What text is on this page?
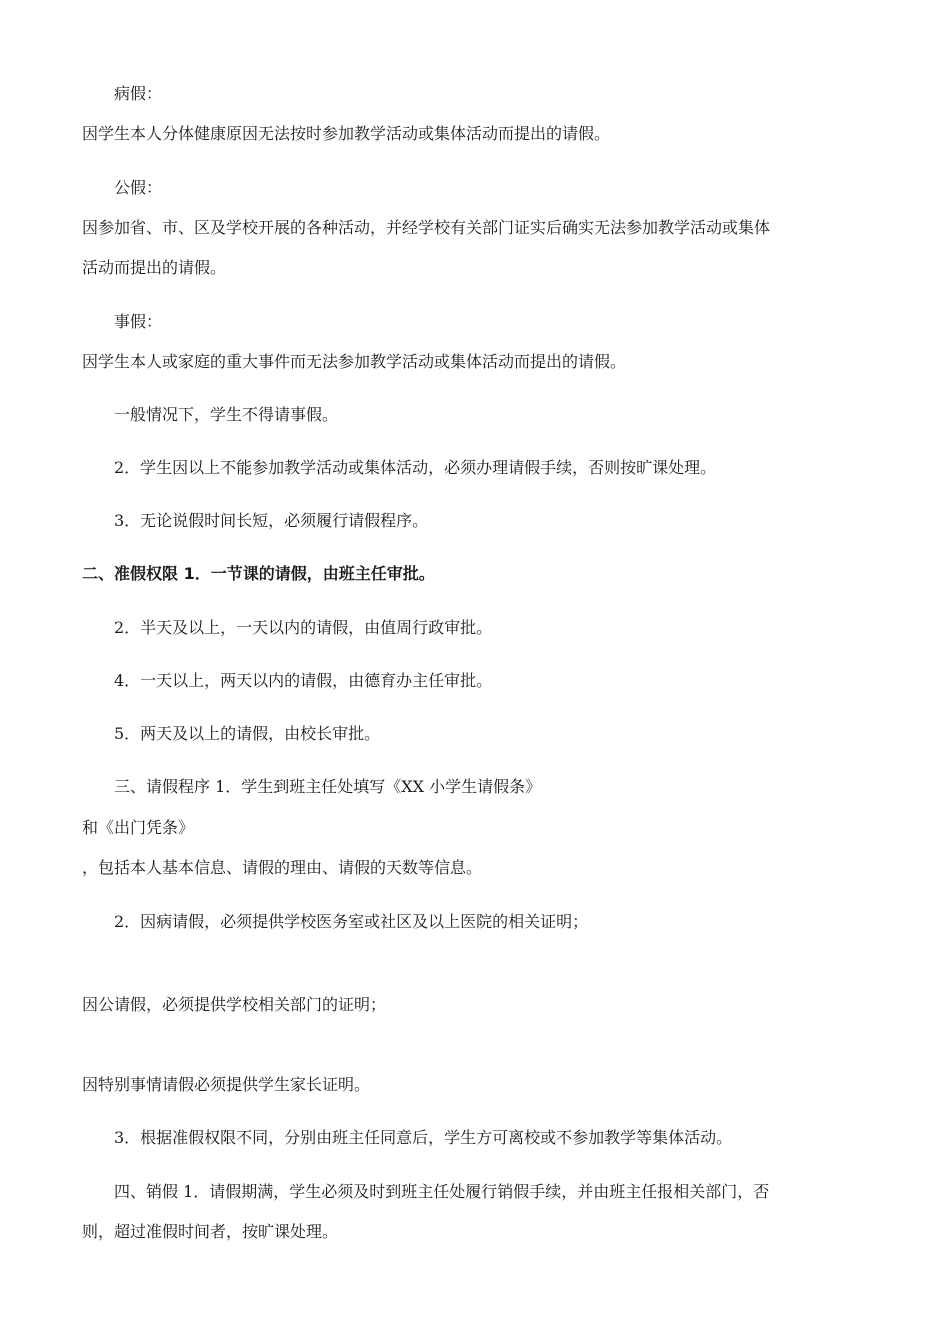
病假：
因学生本人分体健康原因无法按时参加教学活动或集体活动而提出的请假。
公假：
因参加省、市、区及学校开展的各种活动，并经学校有关部门证实后确实无法参加教学活动或集体
活动而提出的请假。
事假：
因学生本人或家庭的重大事件而无法参加教学活动或集体活动而提出的请假。
一般情况下，学生不得请事假。
2．学生因以上不能参加教学活动或集体活动，必须办理请假手续，否则按旷课处理。
3．无论说假时间长短，必须履行请假程序。
二、准假权限 1．一节课的请假，由班主任审批。
2．半天及以上，一天以内的请假，由值周行政审批。
4．一天以上，两天以内的请假，由德育办主任审批。
5．两天及以上的请假，由校长审批。
三、请假程序 1．学生到班主任处填写《XX 小学生请假条》
和《出门凭条》
，包括本人基本信息、请假的理由、请假的天数等信息。
2．因病请假，必须提供学校医务室或社区及以上医院的相关证明；
因公请假，必须提供学校相关部门的证明；
因特别事情请假必须提供学生家长证明。
3．根据准假权限不同，分别由班主任同意后，学生方可离校或不参加教学等集体活动。
四、销假 1．请假期满，学生必须及时到班主任处履行销假手续，并由班主任报相关部门，否
则，超过准假时间者，按旷课处理。
